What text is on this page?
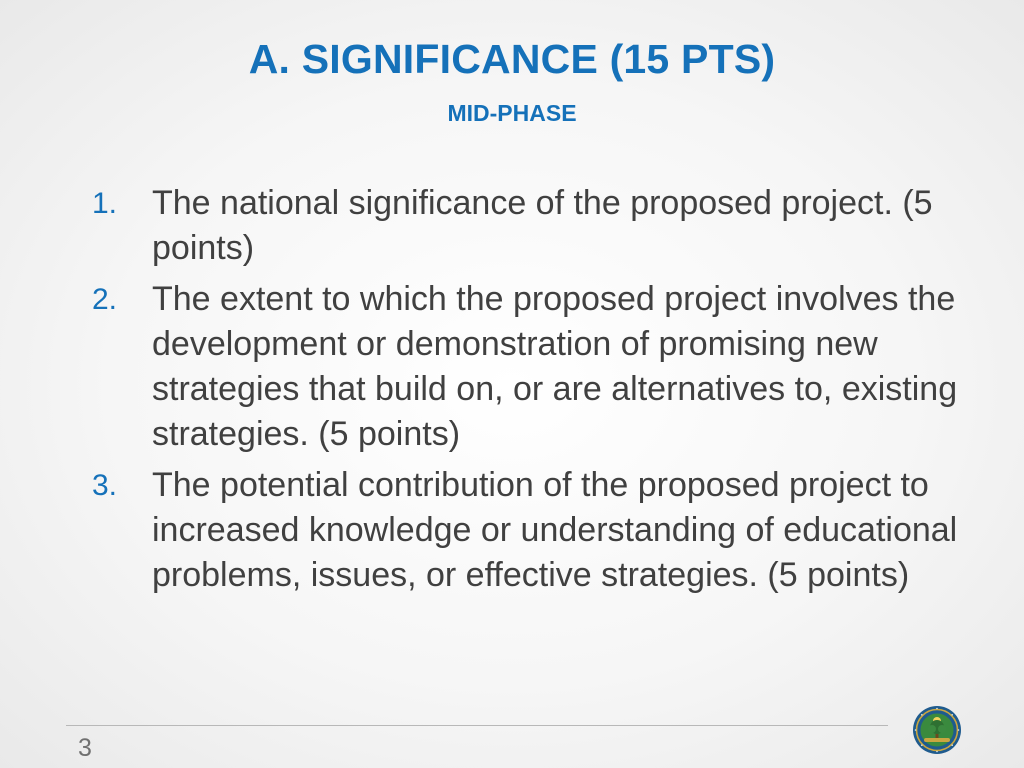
A. SIGNIFICANCE (15 PTS)
MID-PHASE
1. The national significance of the proposed project. (5 points)
2. The extent to which the proposed project involves the development or demonstration of promising new strategies that build on, or are alternatives to, existing strategies. (5 points)
3. The potential contribution of the proposed project to increased knowledge or understanding of educational problems, issues, or effective strategies. (5 points)
3
